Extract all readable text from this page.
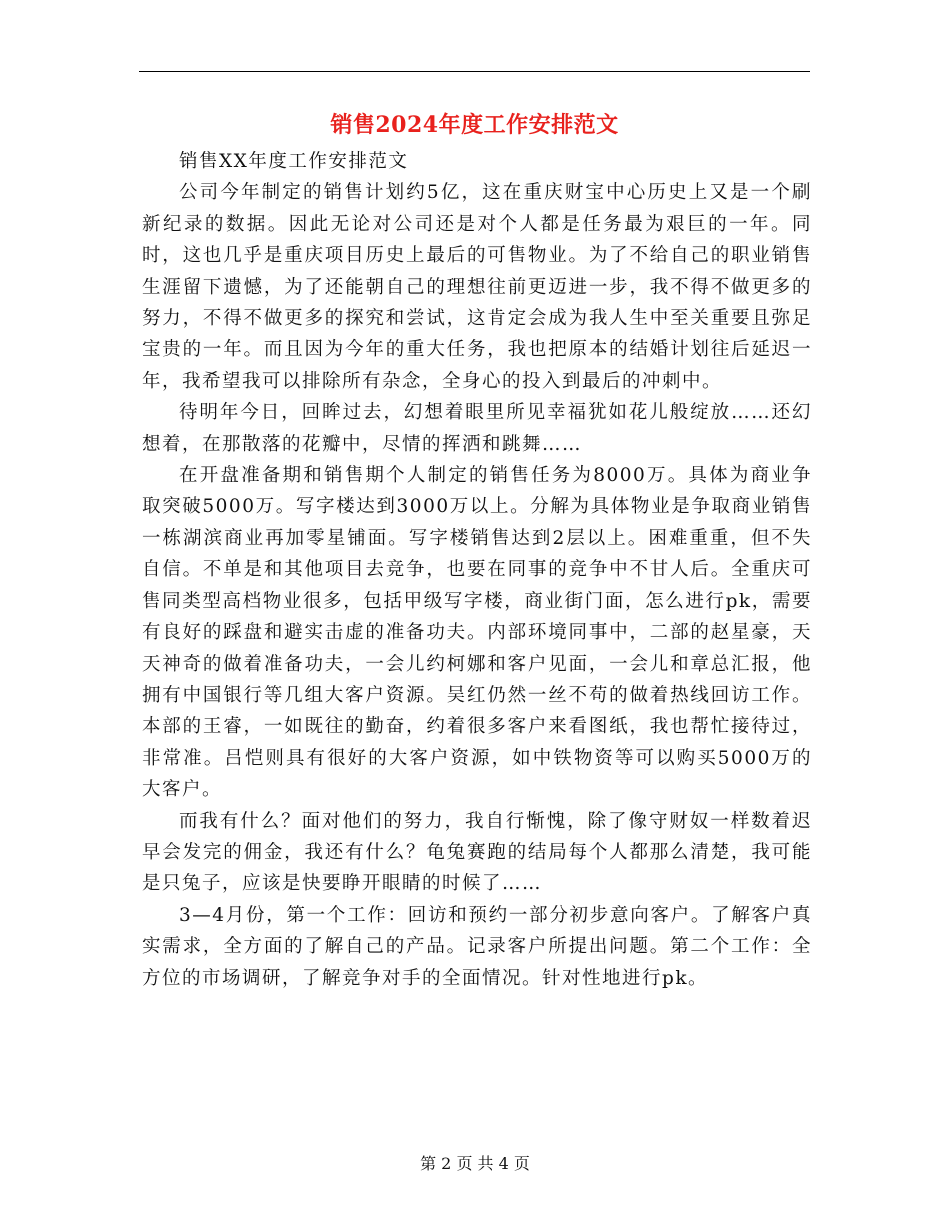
销售2024年度工作安排范文

销售XX年度工作安排范文

公司今年制定的销售计划约5亿，这在重庆财宝中心历史上又是一个刷新纪录的数据。因此无论对公司还是对个人都是任务最为艰巨的一年。同时，这也几乎是重庆项目历史上最后的可售物业。为了不给自己的职业销售生涯留下遗憾，为了还能朝自己的理想往前更迈进一步，我不得不做更多的努力，不得不做更多的探究和尝试，这肯定会成为我人生中至关重要且弥足宝贵的一年。而且因为今年的重大任务，我也把原本的结婚计划往后延迟一年，我希望我可以排除所有杂念，全身心的投入到最后的冲刺中。

待明年今日，回眸过去，幻想着眼里所见幸福犹如花儿般绽放……还幻想着，在那散落的花瓣中，尽情的挥洒和跳舞……

在开盘准备期和销售期个人制定的销售任务为8000万。具体为商业争取突破5000万。写字楼达到3000万以上。分解为具体物业是争取商业销售一栋湖滨商业再加零星铺面。写字楼销售达到2层以上。困难重重，但不失自信。不单是和其他项目去竞争，也要在同事的竞争中不甘人后。全重庆可售同类型高档物业很多，包括甲级写字楼，商业街门面，怎么进行pk，需要有良好的踩盘和避实击虚的准备功夫。内部环境同事中，二部的赵星豪，天天神奇的做着准备功夫，一会儿约柯娜和客户见面，一会儿和章总汇报，他拥有中国银行等几组大客户资源。吴红仍然一丝不苟的做着热线回访工作。本部的王睿，一如既往的勤奋，约着很多客户来看图纸，我也帮忙接待过，非常准。吕恺则具有很好的大客户资源，如中铁物资等可以购买5000万的大客户。

而我有什么？面对他们的努力，我自行惭愧，除了像守财奴一样数着迟早会发完的佣金，我还有什么？龟兔赛跑的结局每个人都那么清楚，我可能是只兔子，应该是快要睁开眼睛的时候了……

3—4月份，第一个工作：回访和预约一部分初步意向客户。了解客户真实需求，全方面的了解自己的产品。记录客户所提出问题。第二个工作：全方位的市场调研，了解竞争对手的全面情况。针对性地进行pk。

第 2 页 共 4 页
